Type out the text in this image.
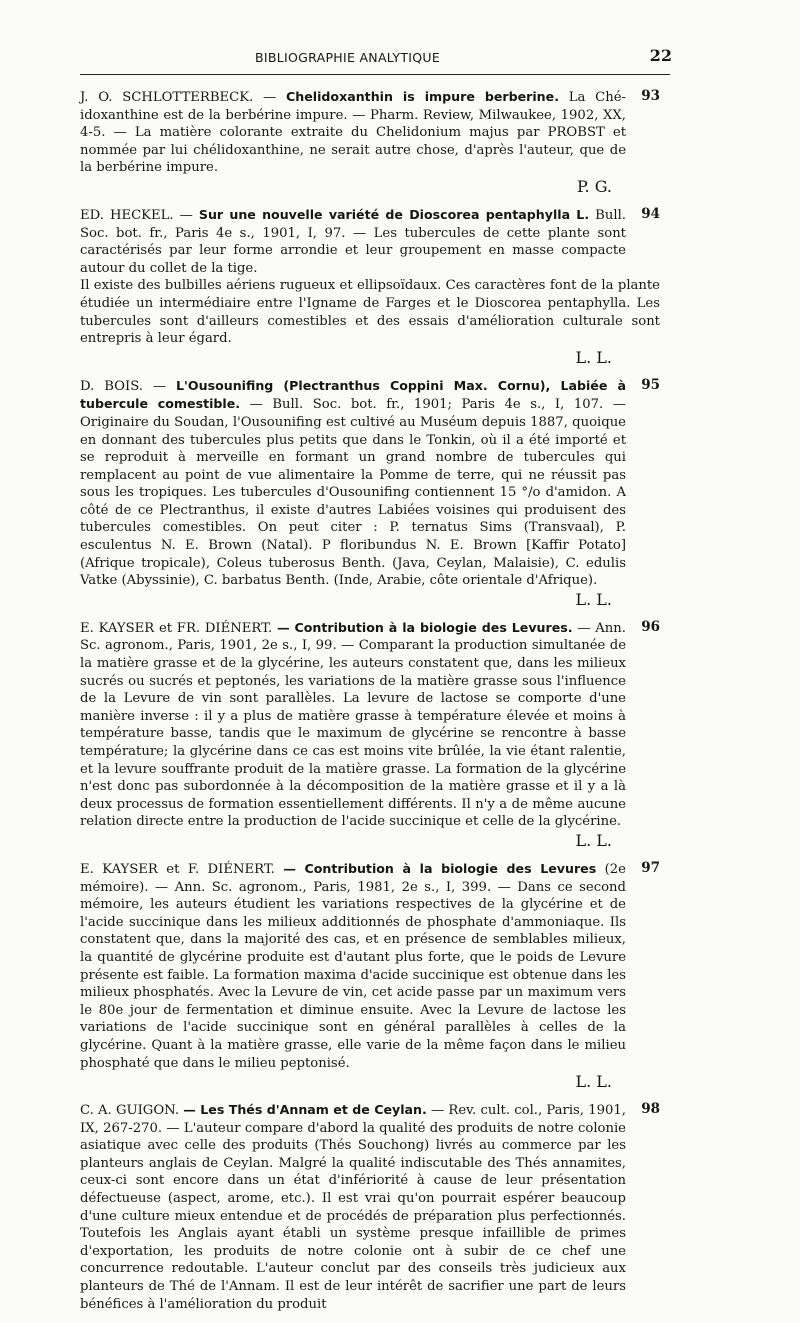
BIBLIOGRAPHIE ANALYTIQUE	22
93

J. O. SCHLOTTERBECK. — Chelidoxanthin is impure berberine. La Ché-idoxanthine est de la berbérine impure. — Pharm. Review, Milwaukee, 1902, XX, 4-5. — La matière colorante extraite du Chelidonium majus par PROBST et nommée par lui chélidoxanthine, ne serait autre chose, d'après l'auteur, que de la berbérine impure.

P. G.
94

ED. HECKEL. — Sur une nouvelle variété de Dioscorea pentaphylla L. Bull. Soc. bot. fr., Paris 4e s., 1901, I, 97. — Les tubercules de cette plante sont caractérisés par leur forme arrondie et leur groupement en masse compacte autour du collet de la tige.

Il existe des bulbilles aériens rugueux et ellipsoïdaux. Ces caractères font de la plante étudiée un intermédiaire entre l'Igname de Farges et le Dioscorea pentaphylla. Les tubercules sont d'ailleurs comestibles et des essais d'amélioration culturale sont entrepris à leur égard.

L. L.
95

D. BOIS. — L'Ousounifing (Plectranthus Coppini Max. Cornu), Labiée à tubercule comestible. — Bull. Soc. bot. fr., 1901; Paris 4e s., I, 107. — Originaire du Soudan, l'Ousounifing est cultivé au Muséum depuis 1887, quoique en donnant des tubercules plus petits que dans le Tonkin, où il a été importé et se reproduit à merveille en formant un grand nombre de tubercules qui remplacent au point de vue alimentaire la Pomme de terre, qui ne réussit pas sous les tropiques. Les tubercules d'Ousounifing contiennent 15 °/o d'amidon. A côté de ce Plectranthus, il existe d'autres Labiées voisines qui produisent des tubercules comestibles. On peut citer : P. ternatus Sims (Transvaal), P. esculentus N. E. Brown (Natal). P floribundus N. E. Brown [Kaffir Potato] (Afrique tropicale), Coleus tuberosus Benth. (Java, Ceylan, Malaisie), C. edulis Vatke (Abyssinie), C. barbatus Benth. (Inde, Arabie, côte orientale d'Afrique).

L. L.
96

E. KAYSER et FR. DIÉNERT. — Contribution à la biologie des Levures. — Ann. Sc. agronom., Paris, 1901, 2e s., I, 99. — Comparant la production simultanée de la matière grasse et de la glycérine, les auteurs constatent que, dans les milieux sucrés ou sucrés et peptonés, les variations de la matière grasse sous l'influence de la Levure de vin sont parallèles. La levure de lactose se comporte d'une manière inverse : il y a plus de matière grasse à température élevée et moins à température basse, tandis que le maximum de glycérine se rencontre à basse température; la glycérine dans ce cas est moins vite brûlée, la vie étant ralentie, et la levure souffrante produit de la matière grasse. La formation de la glycérine n'est donc pas subordonnée à la décomposition de la matière grasse et il y a là deux processus de formation essentiellement différents. Il n'y a de même aucune relation directe entre la production de l'acide succinique et celle de la glycérine.

L. L.
97

E. KAYSER et F. DIÉNERT. — Contribution à la biologie des Levures (2e mémoire). — Ann. Sc. agronom., Paris, 1981, 2e s., I, 399. — Dans ce second mémoire, les auteurs étudient les variations respectives de la glycérine et de l'acide succinique dans les milieux additionnés de phosphate d'ammoniaque. Ils constatent que, dans la majorité des cas, et en présence de semblables milieux, la quantité de glycérine produite est d'autant plus forte, que le poids de Levure présente est faible. La formation maxima d'acide succinique est obtenue dans les milieux phosphatés. Avec la Levure de vin, cet acide passe par un maximum vers le 80e jour de fermentation et diminue ensuite. Avec la Levure de lactose les variations de l'acide succinique sont en général parallèles à celles de la glycérine. Quant à la matière grasse, elle varie de la même façon dans le milieu phosphaté que dans le milieu peptonisé.

L. L.
98

C. A. GUIGON. — Les Thés d'Annam et de Ceylan. — Rev. cult. col., Paris, 1901, IX, 267-270. — L'auteur compare d'abord la qualité des produits de notre colonie asiatique avec celle des produits (Thés Souchong) livrés au commerce par les planteurs anglais de Ceylan. Malgré la qualité indiscutable des Thés annamites, ceux-ci sont encore dans un état d'infériorité à cause de leur présentation défectueuse (aspect, arome, etc.). Il est vrai qu'on pourrait espérer beaucoup d'une culture mieux entendue et de procédés de préparation plus perfectionnés. Toutefois les Anglais ayant établi un système presque infaillible de primes d'exportation, les produits de notre colonie ont à subir de ce chef une concurrence redoutable. L'auteur conclut par des conseils très judicieux aux planteurs de Thé de l'Annam. Il est de leur intérêt de sacrifier une part de leurs bénéfices à l'amélioration du produit
